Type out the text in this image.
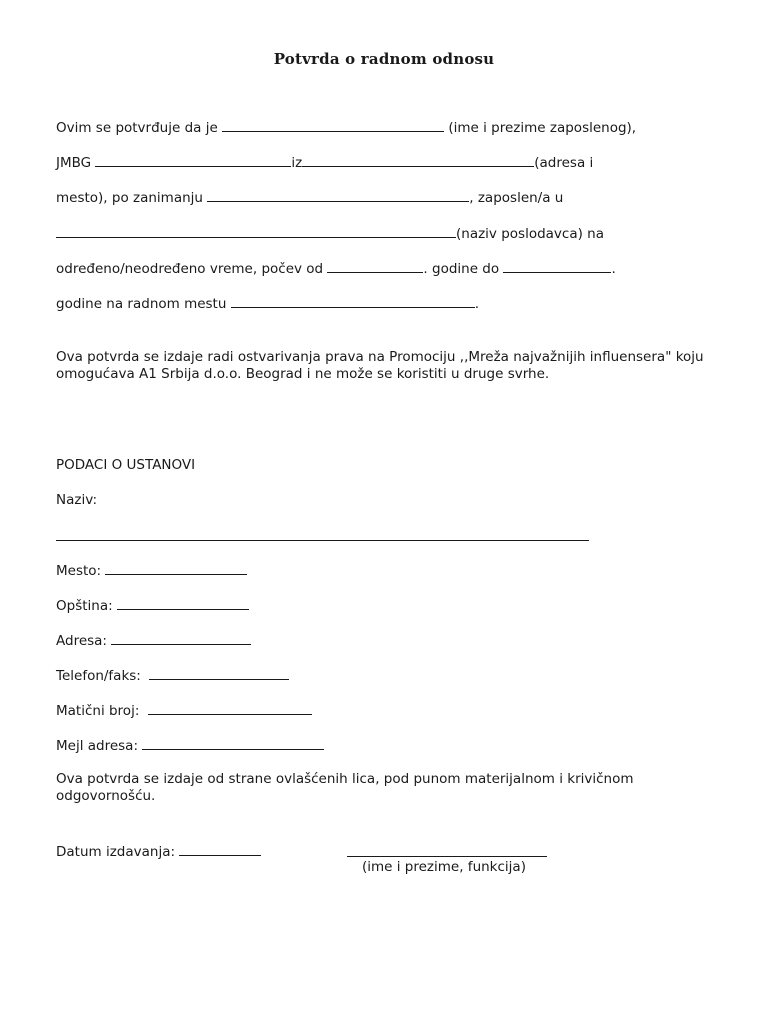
Potvrda o radnom odnosu
Ovim se potvrđuje da je	(ime i prezime zaposlenog),
JMBG	iz	(adresa i
mesto), po zanimanju	, zaposlen/a u
(naziv poslodavca) na
određeno/neodređeno vreme, počev od	. godine do	.
godine na radnom mestu	.
Ova potvrda se izdaje radi ostvarivanja prava na Promociju ,,Mreža najvažnijih influensera" koju omogućava A1 Srbija d.o.o. Beograd i ne može se koristiti u druge svrhe.
PODACI O USTANOVI
Naziv:
Mesto:
Opština:
Adresa:
Telefon/faks:
Matični broj:
Mejl adresa:
Ova potvrda se izdaje od strane ovlašćenih lica, pod punom materijalnom i krivičnom odgovornošću.
Datum izdavanja:
(ime i prezime, funkcija)
